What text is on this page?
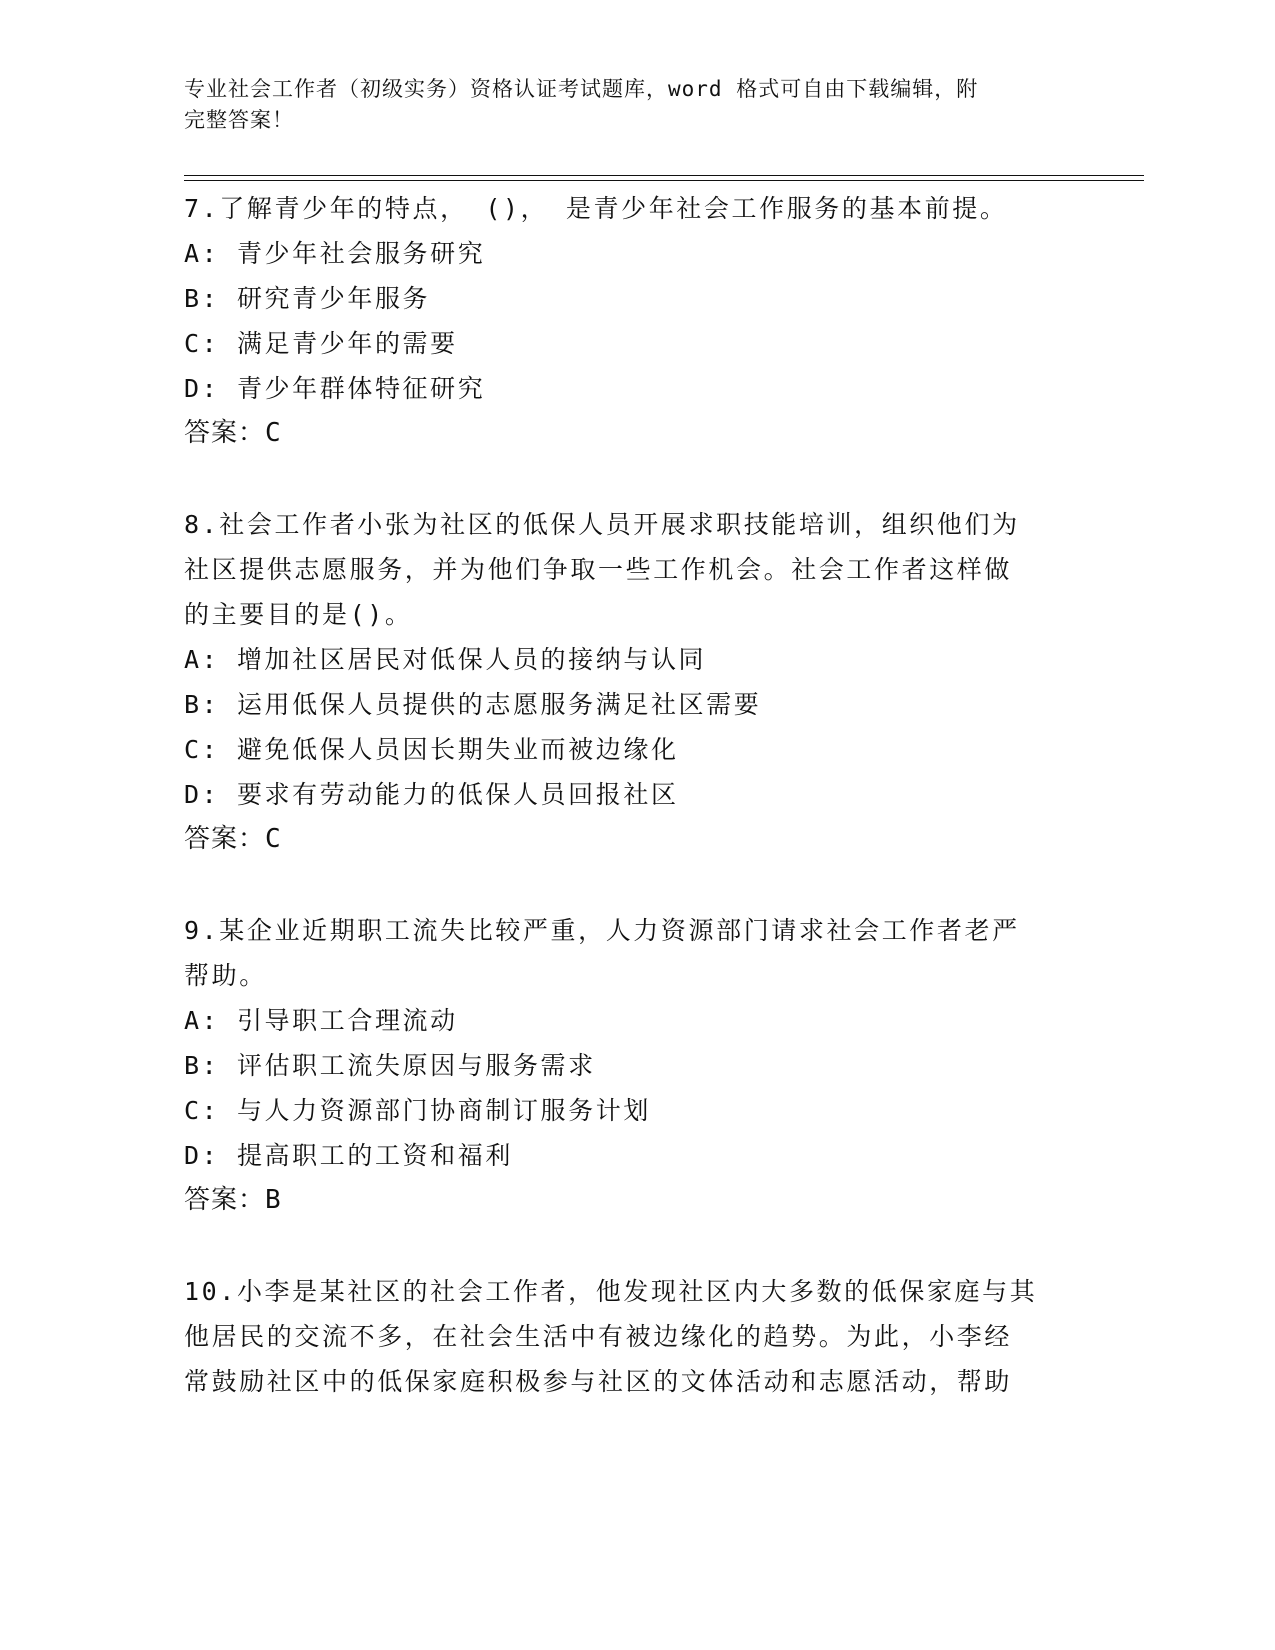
专业社会工作者（初级实务）资格认证考试题库，word 格式可自由下载编辑，附
完整答案！
7.了解青少年的特点， ()， 是青少年社会工作服务的基本前提。
A: 青少年社会服务研究
B: 研究青少年服务
C: 满足青少年的需要
D: 青少年群体特征研究
答案：C
8.社会工作者小张为社区的低保人员开展求职技能培训，组织他们为
社区提供志愿服务，并为他们争取一些工作机会。社会工作者这样做
的主要目的是()。
A: 增加社区居民对低保人员的接纳与认同
B: 运用低保人员提供的志愿服务满足社区需要
C: 避免低保人员因长期失业而被边缘化
D: 要求有劳动能力的低保人员回报社区
答案：C
9.某企业近期职工流失比较严重，人力资源部门请求社会工作者老严
帮助。
A: 引导职工合理流动
B: 评估职工流失原因与服务需求
C: 与人力资源部门协商制订服务计划
D: 提高职工的工资和福利
答案：B
10.小李是某社区的社会工作者，他发现社区内大多数的低保家庭与其
他居民的交流不多，在社会生活中有被边缘化的趋势。为此，小李经
常鼓励社区中的低保家庭积极参与社区的文体活动和志愿活动，帮助
